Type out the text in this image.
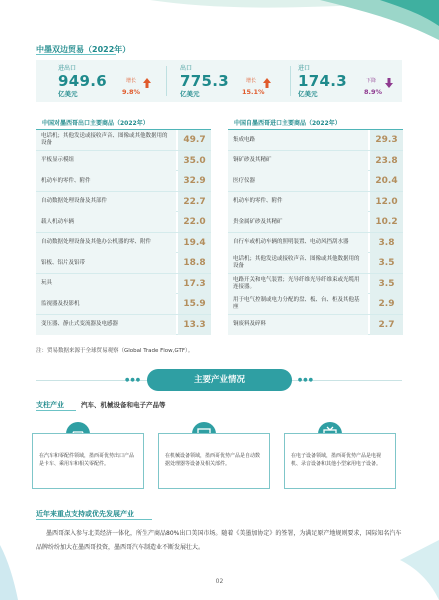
中墨双边贸易（2022年）
进出口
949.6
亿美元
增长
9.8%
出口
775.3
亿美元
增长
15.1%
进口
174.3
亿美元
下降
8.9%
中国对墨西哥出口主要商品（2022年）
电话机；其他发送或接收声音、图像或其他数据用的设备	49.7
平板显示模组	35.0
机动车的零件、附件	32.9
自动数据处理设备及其部件	22.7
载人机动车辆	22.0
自动数据处理设备及其他办公机器的零、附件	19.4
铝板、铝片及铝带	18.8
玩具	17.3
监视器及投影机	15.9
变压器、静止式变流器及电感器	13.3
中国自墨西哥进口主要商品（2022年）
集成电路	29.3
铜矿砂及其精矿	23.8
医疗仪器	20.4
机动车的零件、附件	12.0
贵金属矿砂及其精矿	10.2
自行车或机动车辆的照明装置、电动风挡刮水器	3.8
电话机；其他发送或接收声音、图像或其他数据用的设备	3.5
电路开关和电气装置；光导纤维光导纤维束或光缆用连接器。	3.5
用于电气控制或电力分配的盘、板、台、柜及其他基座	2.9
铜废料及碎料	2.7
注：贸易数据来源于全球贸易观察（Global Trade Flow,GTF）。
●●●	主要产业情况	●●●
支柱产业	汽车、机械设备和电子产品等
在汽车和零配件领域，墨西哥优势出口产品是卡车、乘用车和相关零配件。
在机械设备领域，墨西哥优势产品是自动数据处理器等设备及相关部件。
在电子设备领域，墨西哥优势产品是电视机、录音设备和其他小型家用电子设备。
近年来重点支持或优先发展产业
墨西哥深入参与北美经济一体化，所生产商品80%出口美国市场。随着《美墨加协定》的签署，为满足原产地规则要求，国际知名汽车品牌纷纷加大在墨西哥投资，墨西哥汽车制造业不断发展壮大。
02
